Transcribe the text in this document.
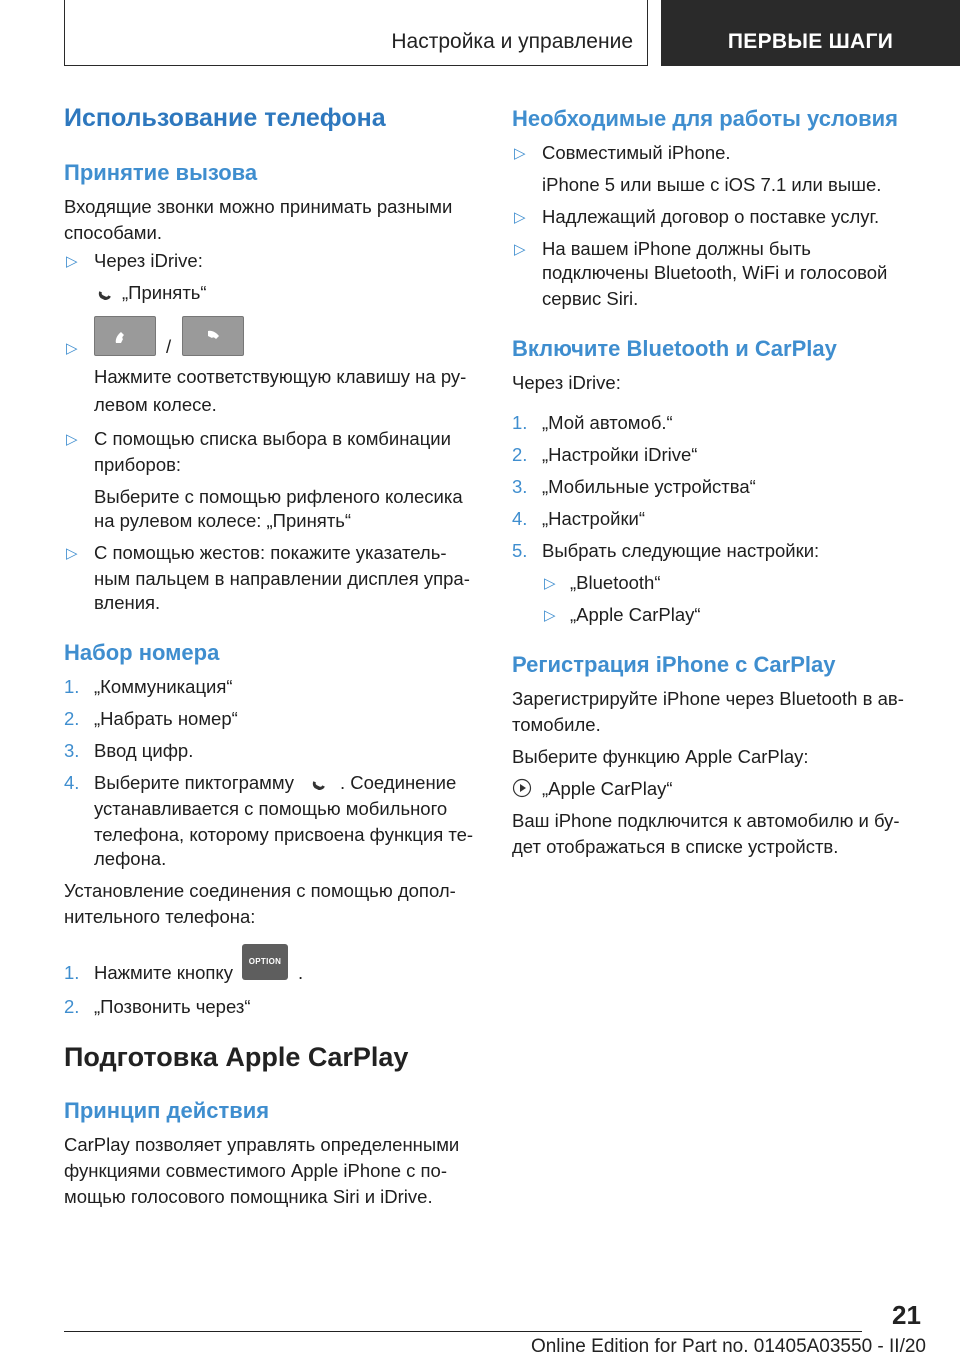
Настройка и управление	ПЕРВЫЕ ШАГИ
Использование телефона
Принятие вызова
Входящие звонки можно принимать разными способами.
▷ Через iDrive:
„Принять“
▷	/
Нажмите соответствующую клавишу на ру-
левом колесе.
▷ С помощью списка выбора в комбинации
приборов:
Выберите с помощью рифленого колесика
на рулевом колесе: „Принять“
▷ С помощью жестов: покажите указатель-
ным пальцем в направлении дисплея упра-
вления.
Набор номера
1. „Коммуникация“
2. „Набрать номер“
3. Ввод цифр.
4. Выберите пиктограмму . Соединение
устанавливается с помощью мобильного
телефона, которому присвоена функция те-
лефона.
Установление соединения с помощью допол-
нительного телефона:
1. Нажмите кнопку
OPTION
.
2. „Позвонить через“
Подготовка Apple CarPlay
Принцип действия
CarPlay позволяет управлять определенными
функциями совместимого Apple iPhone с по-
мощью голосового помощника Siri и iDrive.
Необходимые для работы условия
▷ Совместимый iPhone.
iPhone 5 или выше с iOS 7.1 или выше.
▷ Надлежащий договор о поставке услуг.
▷ На вашем iPhone должны быть
подключены Bluetooth, WiFi и голосовой
сервис Siri.
Включите Bluetooth и CarPlay
Через iDrive:
1. „Мой автомоб.“
2. „Настройки iDrive“
3. „Мобильные устройства“
4. „Настройки“
5. Выбрать следующие настройки:
▷ „Bluetooth“
▷ „Apple CarPlay“
Регистрация iPhone с CarPlay
Зарегистрируйте iPhone через Bluetooth в ав-
томобиле.
Выберите функцию Apple CarPlay:
„Apple CarPlay“
Ваш iPhone подключится к автомобилю и бу-
дет отображаться в списке устройств.
21
Online Edition for Part no. 01405A03550 - II/20
